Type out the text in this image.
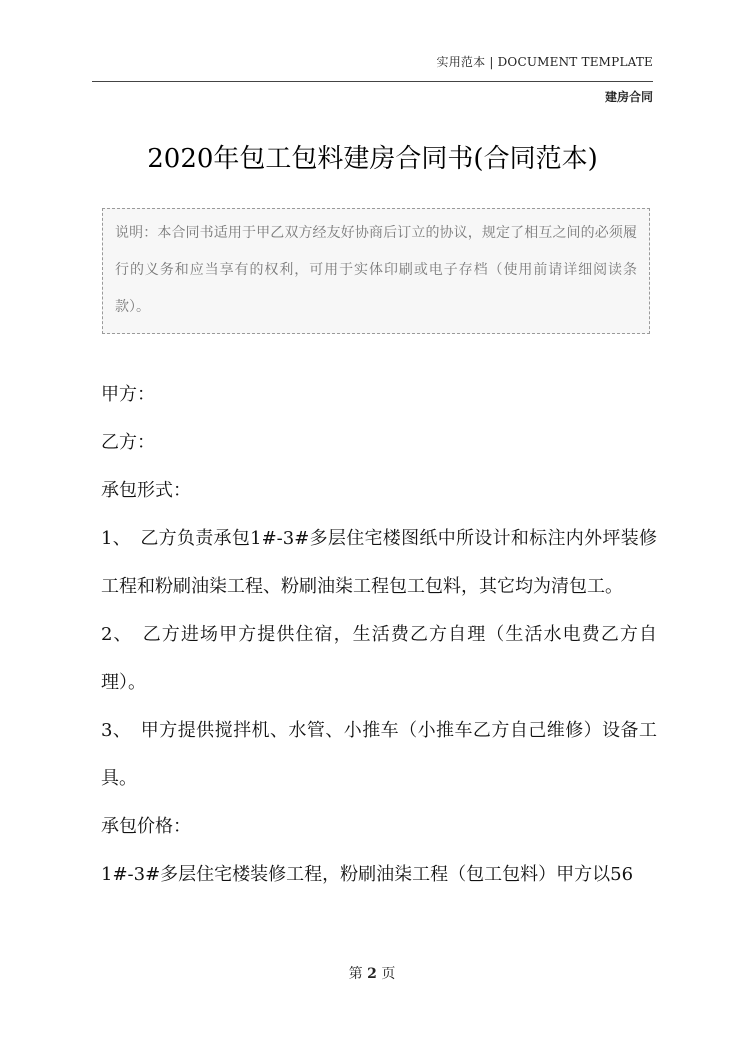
实用范本 | DOCUMENT TEMPLATE
建房合同
2020年包工包料建房合同书(合同范本)
说明：本合同书适用于甲乙双方经友好协商后订立的协议，规定了相互之间的必须履行的义务和应当享有的权利，可用于实体印刷或电子存档（使用前请详细阅读条款）。

甲方：

乙方：

承包形式：

1、　乙方负责承包1#-3#多层住宅楼图纸中所设计和标注内外坪装修工程和粉刷油柒工程、粉刷油柒工程包工包料，其它均为清包工。

2、　乙方进场甲方提供住宿，生活费乙方自理（生活水电费乙方自理）。

3、　甲方提供搅拌机、水管、小推车（小推车乙方自己维修）设备工具。

承包价格：

1#-3#多层住宅楼装修工程，粉刷油柒工程（包工包料）甲方以56

第 2 页
